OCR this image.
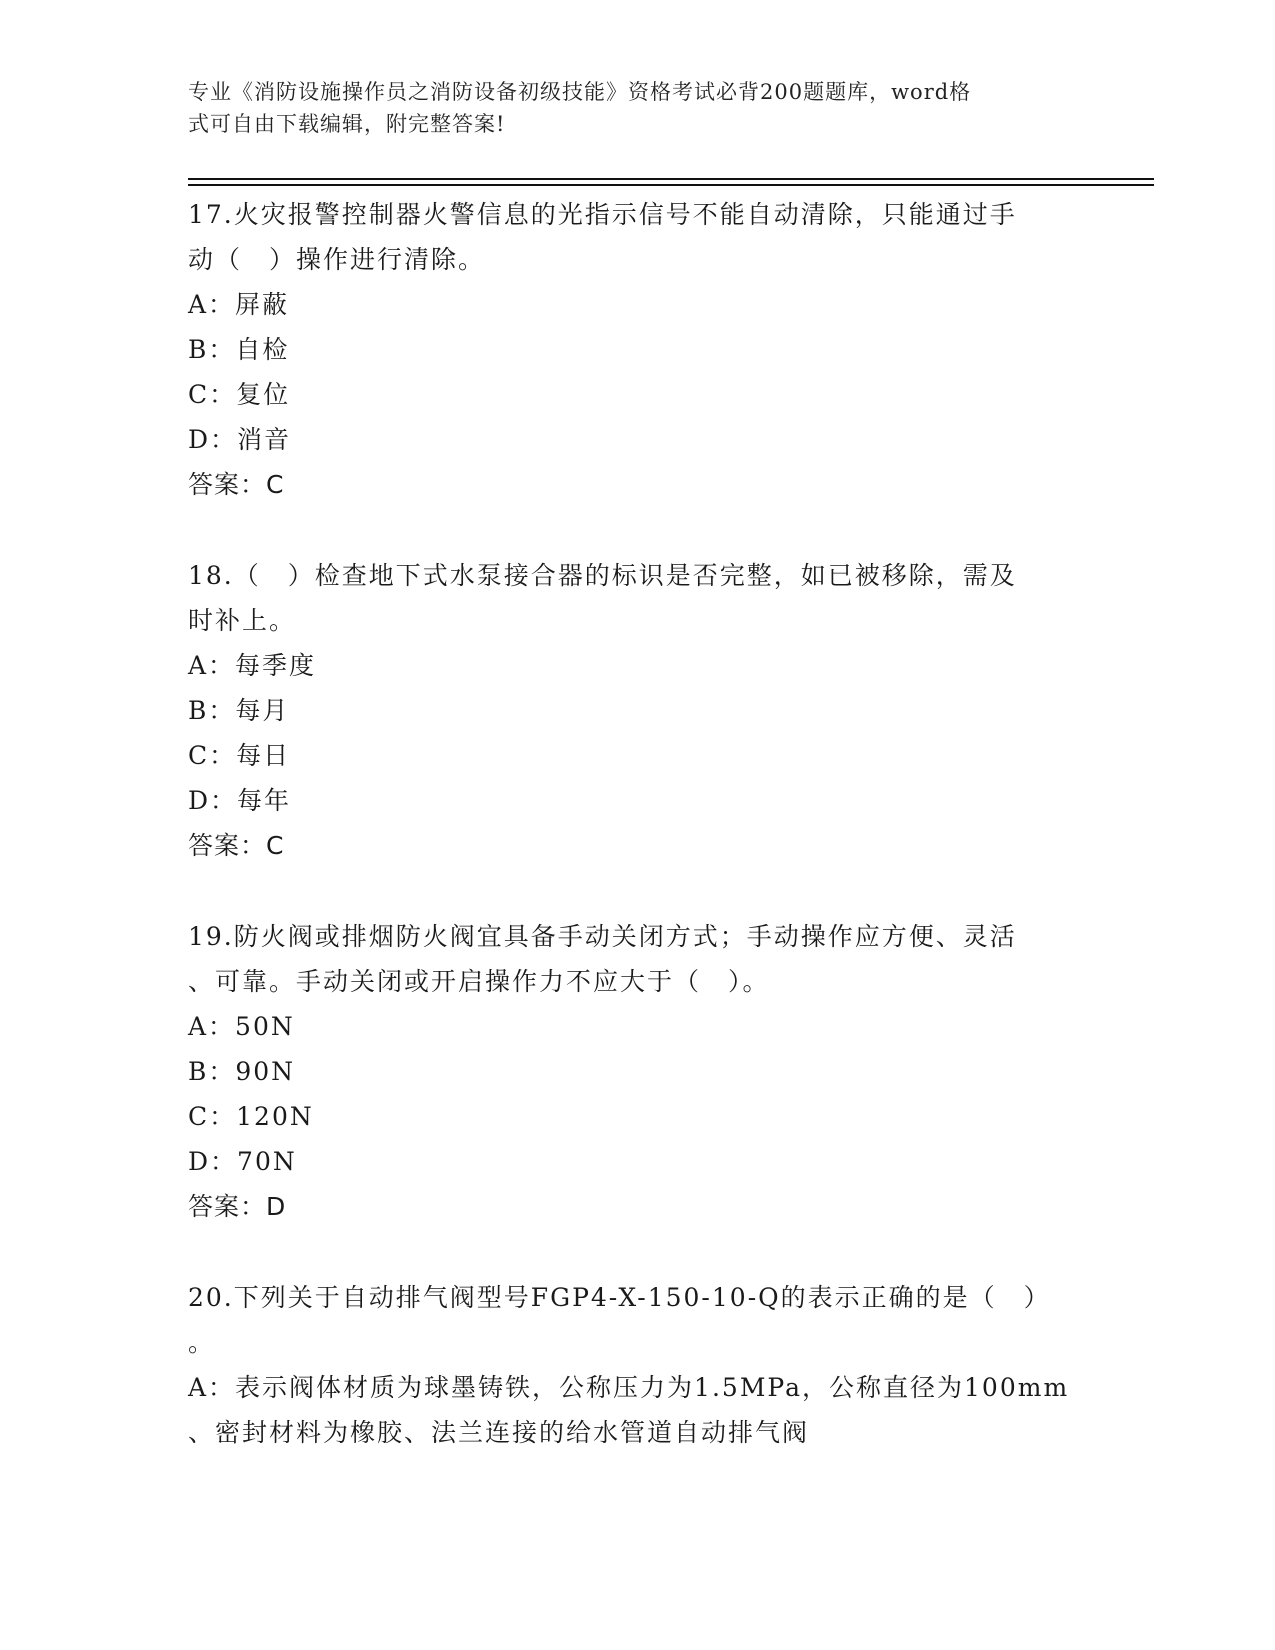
专业《消防设施操作员之消防设备初级技能》资格考试必背200题题库，word格
式可自由下载编辑，附完整答案!

17.火灾报警控制器火警信息的光指示信号不能自动清除，只能通过手

动（　）操作进行清除。

A：屏蔽

B：自检

C：复位

D：消音

答案：C

18.（　）检查地下式水泵接合器的标识是否完整，如已被移除，需及

时补上。

A：每季度

B：每月

C：每日

D：每年

答案：C

19.防火阀或排烟防火阀宜具备手动关闭方式；手动操作应方便、灵活

、可靠。手动关闭或开启操作力不应大于（　）。

A：50N

B：90N

C：120N

D：70N

答案：D

20.下列关于自动排气阀型号FGP4-X-150-10-Q的表示正确的是（　）

。

A：表示阀体材质为球墨铸铁，公称压力为1.5MPa，公称直径为100mm

、密封材料为橡胶、法兰连接的给水管道自动排气阀
